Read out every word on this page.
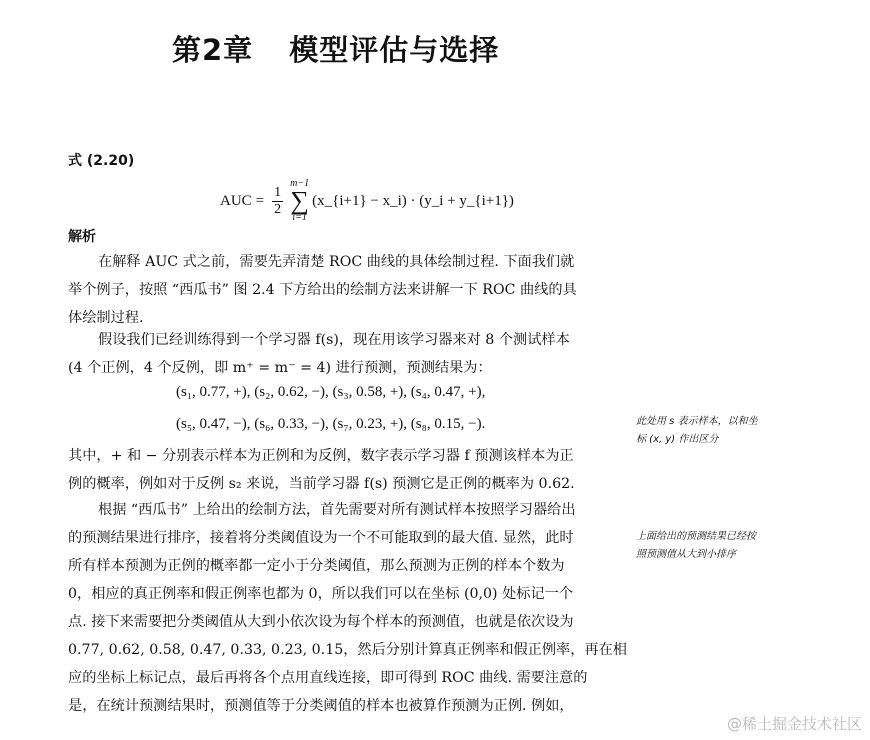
第2章 模型评估与选择
式 (2.20)
AUC = $\frac{1}{2}$
m−1
∑
i=1
(x_{i+1} − x_i) · (y_i + y_{i+1})
解析
在解释 AUC 式之前，需要先弄清楚 ROC 曲线的具体绘制过程. 下面我们就
举个例子，按照 “西瓜书” 图 2.4 下方给出的绘制方法来讲解一下 ROC 曲线的具
体绘制过程.
假设我们已经训练得到一个学习器 f(s)，现在用该学习器来对 8 个测试样本
(4 个正例，4 个反例，即 m⁺ = m⁻ = 4) 进行预测，预测结果为：
(s₁, 0.77, +), (s₂, 0.62, −), (s₃, 0.58, +), (s₄, 0.47, +),
(s₅, 0.47, −), (s₆, 0.33, −), (s₇, 0.23, +), (s₈, 0.15, −).
其中，+ 和 − 分别表示样本为正例和为反例，数字表示学习器 f 预测该样本为正
例的概率，例如对于反例 s₂ 来说，当前学习器 f(s) 预测它是正例的概率为 0.62.
根据 “西瓜书” 上给出的绘制方法，首先需要对所有测试样本按照学习器给出
的预测结果进行排序，接着将分类阈值设为一个不可能取到的最大值. 显然，此时
所有样本预测为正例的概率都一定小于分类阈值，那么预测为正例的样本个数为
0，相应的真正例率和假正例率也都为 0，所以我们可以在坐标 (0,0) 处标记一个
点. 接下来需要把分类阈值从大到小依次设为每个样本的预测值，也就是依次设为
0.77, 0.62, 0.58, 0.47, 0.33, 0.23, 0.15，然后分别计算真正例率和假正例率，再在相
应的坐标上标记点，最后再将各个点用直线连接，即可得到 ROC 曲线. 需要注意的
是，在统计预测结果时，预测值等于分类阈值的样本也被算作预测为正例. 例如，
此处用 s 表示样本，以和坐
标 (x, y) 作出区分
上面给出的预测结果已经按
照预测值从大到小排序
@稀土掘金技术社区
